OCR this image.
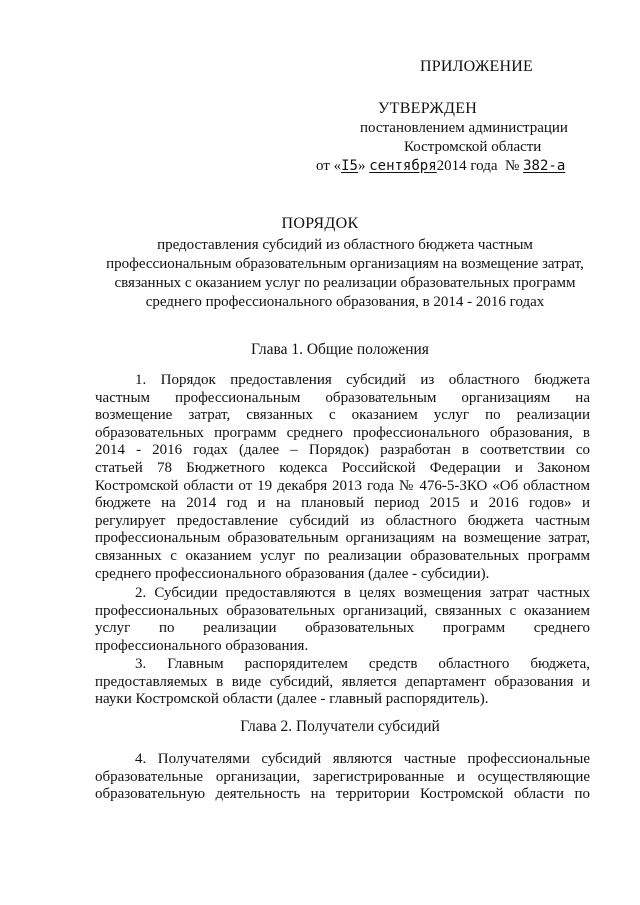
ПРИЛОЖЕНИЕ
УТВЕРЖДЕН
постановлением администрации
Костромской области
от «I5» сентября2014 года № 382-а
ПОРЯДОК
предоставления субсидий из областного бюджета частным
профессиональным образовательным организациям на возмещение затрат,
связанных с оказанием услуг по реализации образовательных программ
среднего профессионального образования, в 2014 - 2016 годах
Глава 1. Общие положения
1. Порядок предоставления субсидий из областного бюджета
частным профессиональным образовательным организациям на
возмещение затрат, связанных с оказанием услуг по реализации
образовательных программ среднего профессионального образования, в
2014 - 2016 годах (далее – Порядок) разработан в соответствии со
статьей 78 Бюджетного кодекса Российской Федерации и Законом
Костромской области от 19 декабря 2013 года № 476-5-ЗКО «Об областном
бюджете на 2014 год и на плановый период 2015 и 2016 годов» и
регулирует предоставление субсидий из областного бюджета частным
профессиональным образовательным организациям на возмещение затрат,
связанных с оказанием услуг по реализации образовательных программ
среднего профессионального образования (далее - субсидии).
2. Субсидии предоставляются в целях возмещения затрат частных
профессиональных образовательных организаций, связанных с оказанием
услуг по реализации образовательных программ среднего
профессионального образования.
3. Главным распорядителем средств областного бюджета,
предоставляемых в виде субсидий, является департамент образования и
науки Костромской области (далее - главный распорядитель).
Глава 2. Получатели субсидий
4. Получателями субсидий являются частные профессиональные
образовательные организации, зарегистрированные и осуществляющие
образовательную деятельность на территории Костромской области по
